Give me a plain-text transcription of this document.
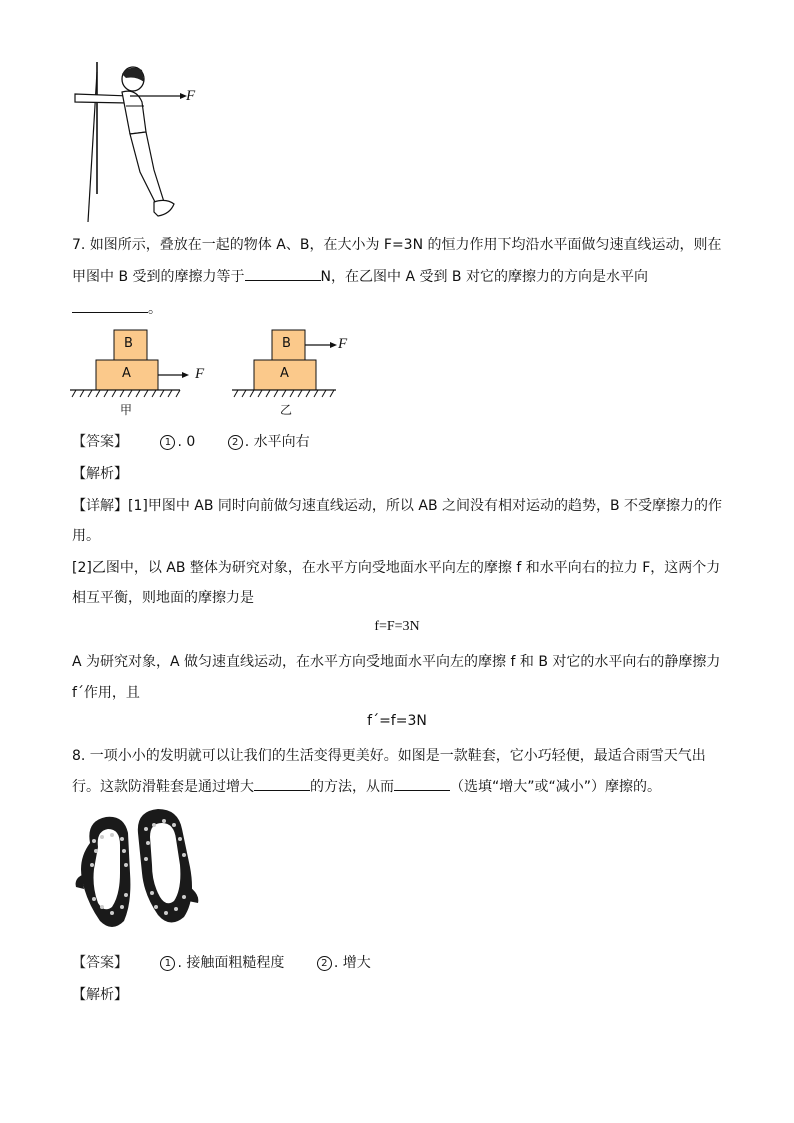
F
7. 如图所示，叠放在一起的物体 A、B，在大小为 F=3N 的恒力作用下均沿水平面做匀速直线运动，则在
甲图中 B 受到的摩擦力等于	N，在乙图中 A 受到 B 对它的摩擦力的方向是水平向
。
B
A	F
甲
B
A
F
乙
【答案】	1 . 0	2 . 水平向右
【解析】
【详解】[1]甲图中 AB 同时向前做匀速直线运动，所以 AB 之间没有相对运动的趋势，B 不受摩擦力的作
用。
[2]乙图中，以 AB 整体为研究对象，在水平方向受地面水平向左的摩擦 f 和水平向右的拉力 F，这两个力
相互平衡，则地面的摩擦力是
f=F=3N
A 为研究对象，A 做匀速直线运动，在水平方向受地面水平向左的摩擦 f 和 B 对它的水平向右的静摩擦力
f´作用，且
f´=f=3N
8. 一项小小的发明就可以让我们的生活变得更美好。如图是一款鞋套，它小巧轻便，最适合雨雪天气出
行。这款防滑鞋套是通过增大	的方法，从而	（选填“增大”或“减小”）摩擦的。
【答案】	1 . 接触面粗糙程度	2 . 增大
【解析】
